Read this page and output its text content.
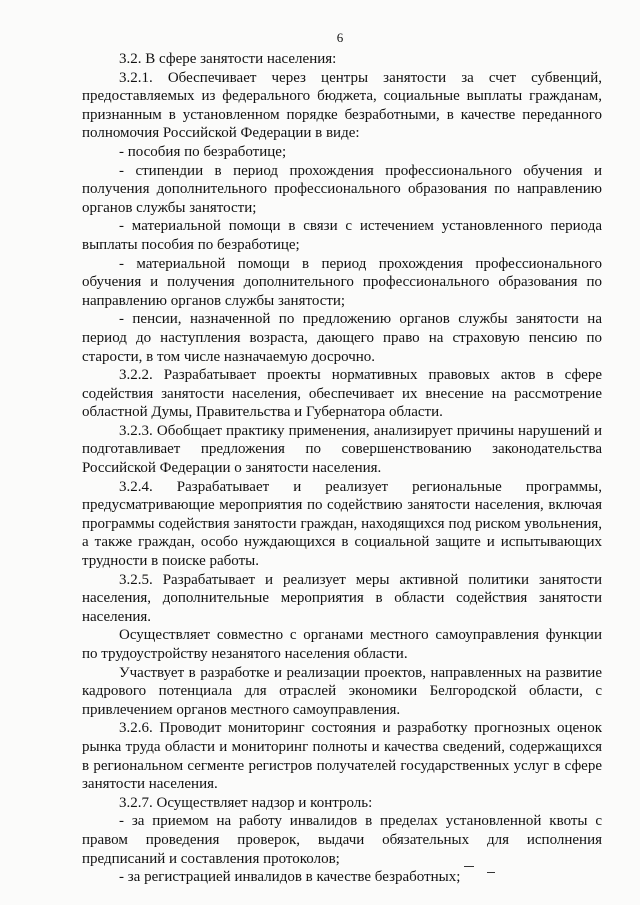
6

3.2. В сфере занятости населения:

3.2.1. Обеспечивает через центры занятости за счет субвенций, предоставляемых из федерального бюджета, социальные выплаты гражданам, признанным в установленном порядке безработными, в качестве переданного полномочия Российской Федерации в виде:

- пособия по безработице;

- стипендии в период прохождения профессионального обучения и получения дополнительного профессионального образования по направлению органов службы занятости;

- материальной помощи в связи с истечением установленного периода выплаты пособия по безработице;

- материальной помощи в период прохождения профессионального обучения и получения дополнительного профессионального образования по направлению органов службы занятости;

- пенсии, назначенной по предложению органов службы занятости на период до наступления возраста, дающего право на страховую пенсию по старости, в том числе назначаемую досрочно.

3.2.2. Разрабатывает проекты нормативных правовых актов в сфере содействия занятости населения, обеспечивает их внесение на рассмотрение областной Думы, Правительства и Губернатора области.

3.2.3. Обобщает практику применения, анализирует причины нарушений и подготавливает предложения по совершенствованию законодательства Российской Федерации о занятости населения.

3.2.4. Разрабатывает и реализует региональные программы, предусматривающие мероприятия по содействию занятости населения, включая программы содействия занятости граждан, находящихся под риском увольнения, а также граждан, особо нуждающихся в социальной защите и испытывающих трудности в поиске работы.

3.2.5. Разрабатывает и реализует меры активной политики занятости населения, дополнительные мероприятия в области содействия занятости населения.

Осуществляет совместно с органами местного самоуправления функции по трудоустройству незанятого населения области.

Участвует в разработке и реализации проектов, направленных на развитие кадрового потенциала для отраслей экономики Белгородской области, с привлечением органов местного самоуправления.

3.2.6. Проводит мониторинг состояния и разработку прогнозных оценок рынка труда области и мониторинг полноты и качества сведений, содержащихся в региональном сегменте регистров получателей государственных услуг в сфере занятости населения.

3.2.7. Осуществляет надзор и контроль:

- за приемом на работу инвалидов в пределах установленной квоты с правом проведения проверок, выдачи обязательных для исполнения предписаний и составления протоколов;

- за регистрацией инвалидов в качестве безработных;
